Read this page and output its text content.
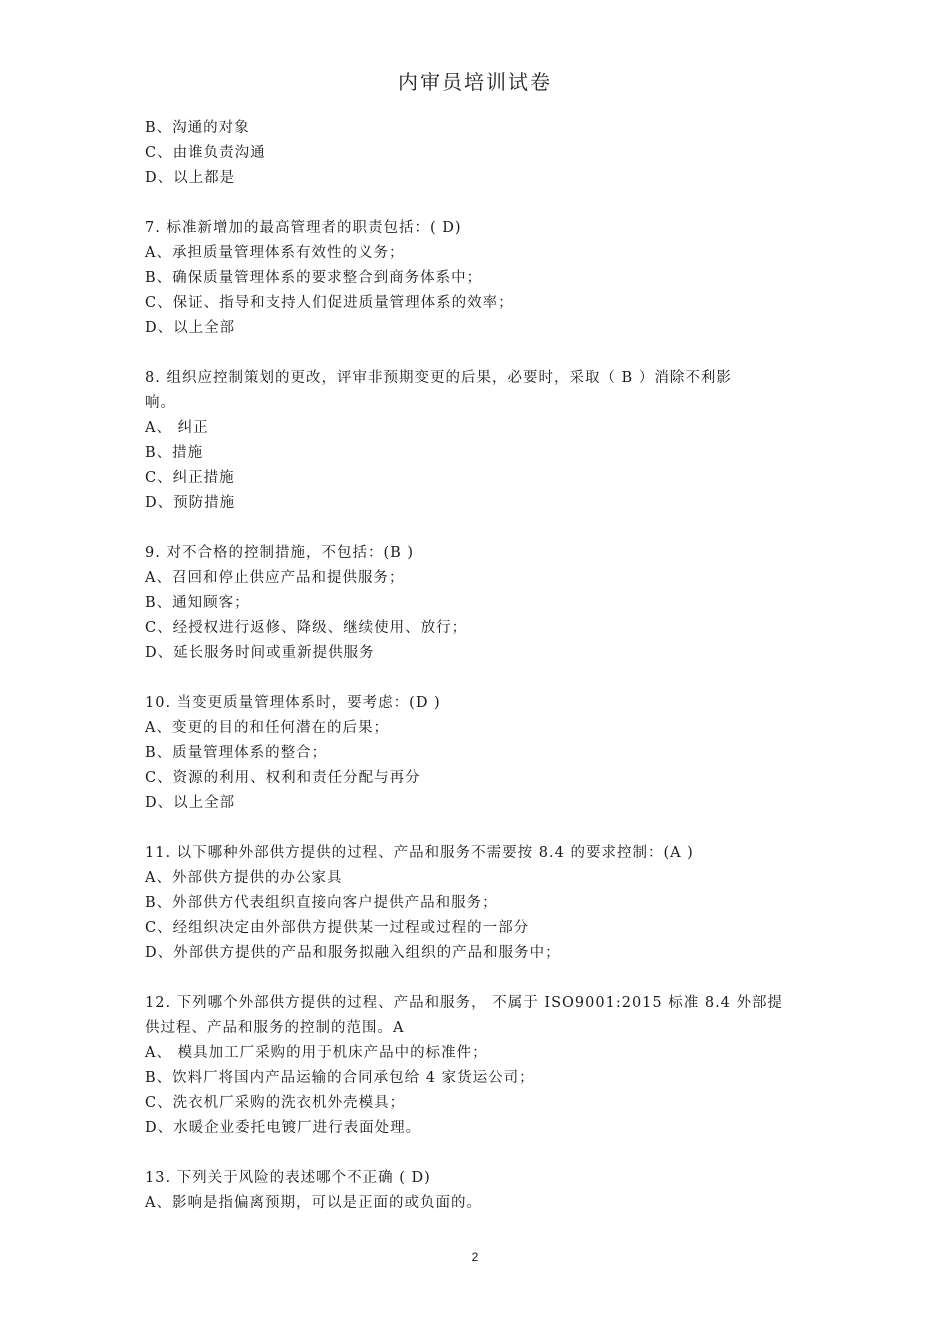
内审员培训试卷
B、沟通的对象
C、由谁负责沟通
D、以上都是
7. 标准新增加的最高管理者的职责包括：( D)
A、承担质量管理体系有效性的义务；
B、确保质量管理体系的要求整合到商务体系中；
C、保证、指导和支持人们促进质量管理体系的效率；
D、以上全部
8. 组织应控制策划的更改，评审非预期变更的后果，必要时，采取（ B ）消除不利影
响。
A、 纠正
B、措施
C、纠正措施
D、预防措施
9. 对不合格的控制措施，不包括：(B )
A、召回和停止供应产品和提供服务；
B、通知顾客；
C、经授权进行返修、降级、继续使用、放行；
D、延长服务时间或重新提供服务
10. 当变更质量管理体系时，要考虑：(D )
A、变更的目的和任何潜在的后果；
B、质量管理体系的整合；
C、资源的利用、权利和责任分配与再分
D、以上全部
11. 以下哪种外部供方提供的过程、产品和服务不需要按 8.4 的要求控制：(A )
A、外部供方提供的办公家具
B、外部供方代表组织直接向客户提供产品和服务；
C、经组织决定由外部供方提供某一过程或过程的一部分
D、外部供方提供的产品和服务拟融入组织的产品和服务中；
12. 下列哪个外部供方提供的过程、产品和服务， 不属于 ISO9001:2015 标准 8.4 外部提
供过程、产品和服务的控制的范围。A
A、 模具加工厂采购的用于机床产品中的标准件；
B、饮料厂将国内产品运输的合同承包给 4 家货运公司；
C、洗衣机厂采购的洗衣机外壳模具；
D、水暖企业委托电镀厂进行表面处理。
13. 下列关于风险的表述哪个不正确 ( D)
A、影响是指偏离预期，可以是正面的或负面的。
2
